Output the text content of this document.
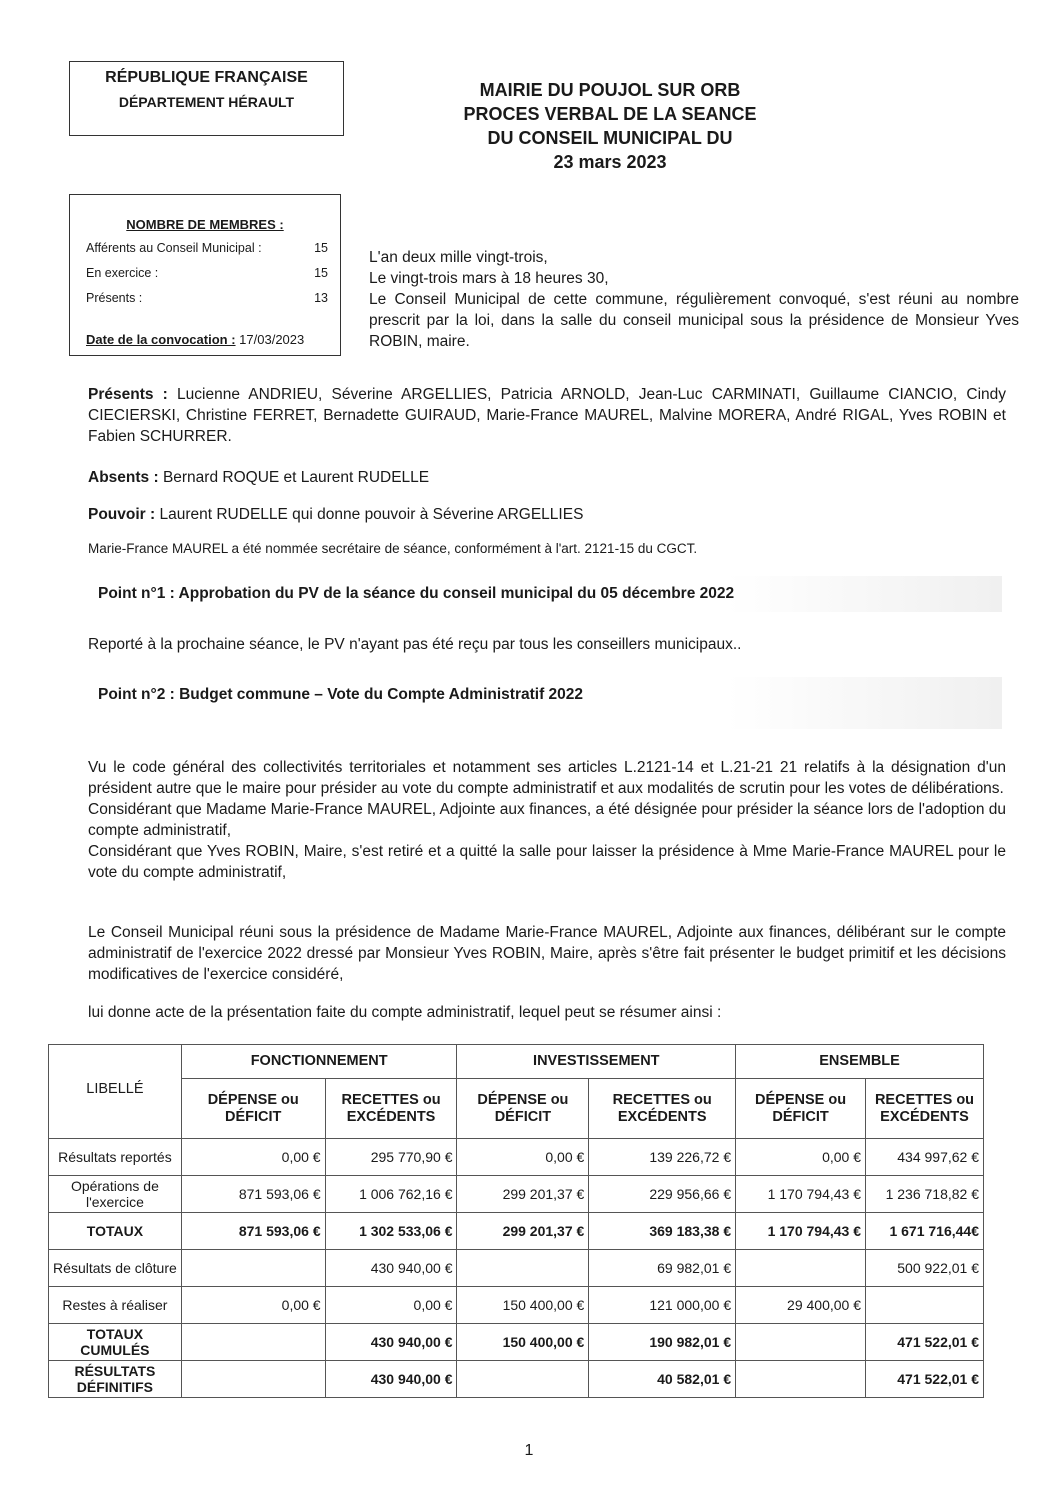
RÉPUBLIQUE FRANÇAISE
DÉPARTEMENT HÉRAULT
MAIRIE DU POUJOL SUR ORB
PROCES VERBAL DE LA SEANCE
DU CONSEIL MUNICIPAL DU
23 mars 2023
NOMBRE DE MEMBRES :
Afférents au Conseil Municipal :	15
En exercice :	15
Présents :	13
Date de la convocation : 17/03/2023
L'an deux mille vingt-trois,
Le vingt-trois mars à 18 heures 30,
Le Conseil Municipal de cette commune, régulièrement convoqué, s'est réuni au nombre prescrit par la loi, dans la salle du conseil municipal sous la présidence de Monsieur Yves ROBIN, maire.
Présents : Lucienne ANDRIEU, Séverine ARGELLIES, Patricia ARNOLD, Jean-Luc CARMINATI, Guillaume CIANCIO, Cindy CIECIERSKI, Christine FERRET, Bernadette GUIRAUD, Marie-France MAUREL, Malvine MORERA, André RIGAL, Yves ROBIN et Fabien SCHURRER.
Absents : Bernard ROQUE et Laurent RUDELLE
Pouvoir : Laurent RUDELLE qui donne pouvoir à Séverine ARGELLIES
Marie-France MAUREL a été nommée secrétaire de séance, conformément à l'art. 2121-15 du CGCT.
Point n°1 : Approbation du PV de la séance du conseil municipal du 05 décembre 2022
Reporté à la prochaine séance, le PV n'ayant pas été reçu par tous les conseillers municipaux..
Point n°2 : Budget commune – Vote du Compte Administratif 2022
Vu le code général des collectivités territoriales et notamment ses articles L.2121-14 et L.21-21 21 relatifs à la désignation d'un président autre que le maire pour présider au vote du compte administratif et aux modalités de scrutin pour les votes de délibérations.
Considérant que Madame Marie-France MAUREL, Adjointe aux finances, a été désignée pour présider la séance lors de l'adoption du compte administratif,
Considérant que Yves ROBIN, Maire, s'est retiré et a quitté la salle pour laisser la présidence à Mme Marie-France MAUREL pour le vote du compte administratif,
Le Conseil Municipal réuni sous la présidence de Madame Marie-France MAUREL, Adjointe aux finances, délibérant sur le compte administratif de l'exercice 2022 dressé par Monsieur Yves ROBIN, Maire, après s'être fait présenter le budget primitif et les décisions modificatives de l'exercice considéré,
lui donne acte de la présentation faite du compte administratif, lequel peut se résumer ainsi :
LIBELLÉ	FONCTIONNEMENT		INVESTISSEMENT		ENSEMBLE	
	DÉPENSE ou DÉFICIT	RECETTES ou EXCÉDENTS	DÉPENSE ou DÉFICIT	RECETTES ou EXCÉDENTS	DÉPENSE ou DÉFICIT	RECETTES ou EXCÉDENTS
Résultats reportés	0,00 €	295 770,90 €	0,00 €	139 226,72 €	0,00 €	434 997,62 €
Opérations de l'exercice	871 593,06 €	1 006 762,16 €	299 201,37 €	229 956,66 €	1 170 794,43 €	1 236 718,82 €
TOTAUX	871 593,06 €	1 302 533,06 €	299 201,37 €	369 183,38 €	1 170 794,43 €	1 671 716,44€
Résultats de clôture		430 940,00 €		69 982,01 €		500 922,01 €
Restes à réaliser	0,00 €	0,00 €	150 400,00 €	121 000,00 €	29 400,00 €	
TOTAUX CUMULÉS		430 940,00 €	150 400,00 €	190 982,01 €		471 522,01 €
RÉSULTATS DÉFINITIFS		430 940,00 €		40 582,01 €		471 522,01 €
1
